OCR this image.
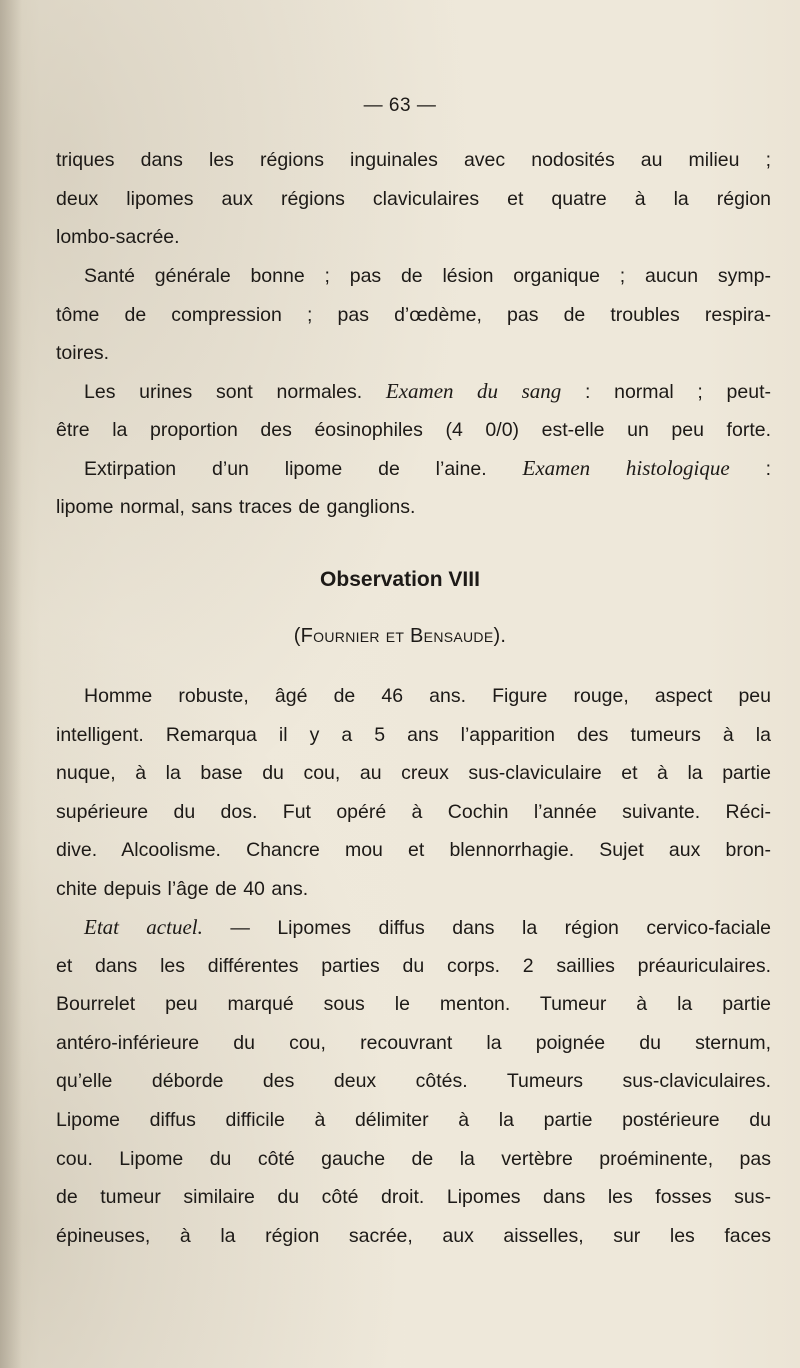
— 63 —
triques dans les régions inguinales avec nodosités au milieu ;
deux lipomes aux régions claviculaires et quatre à la région
lombo-sacrée.
Santé générale bonne ; pas de lésion organique ; aucun symp-
tôme de compression ; pas d’œdème, pas de troubles respira-
toires.
Les urines sont normales. Examen du sang : normal ; peut-
être la proportion des éosinophiles (4 0/0) est-elle un peu forte.
Extirpation d’un lipome de l’aine. Examen histologique :
lipome normal, sans traces de ganglions.
Observation VIII
(Fournier et Bensaude).
Homme robuste, âgé de 46 ans. Figure rouge, aspect peu
intelligent. Remarqua il y a 5 ans l’apparition des tumeurs à la
nuque, à la base du cou, au creux sus-claviculaire et à la partie
supérieure du dos. Fut opéré à Cochin l’année suivante. Réci-
dive. Alcoolisme. Chancre mou et blennorrhagie. Sujet aux bron-
chite depuis l’âge de 40 ans.
Etat actuel. — Lipomes diffus dans la région cervico-faciale
et dans les différentes parties du corps. 2 saillies préauriculaires.
Bourrelet peu marqué sous le menton. Tumeur à la partie
antéro-inférieure du cou, recouvrant la poignée du sternum,
qu’elle déborde des deux côtés. Tumeurs sus-claviculaires.
Lipome diffus difficile à délimiter à la partie postérieure du
cou. Lipome du côté gauche de la vertèbre proéminente, pas
de tumeur similaire du côté droit. Lipomes dans les fosses sus-
épineuses, à la région sacrée, aux aisselles, sur les faces
